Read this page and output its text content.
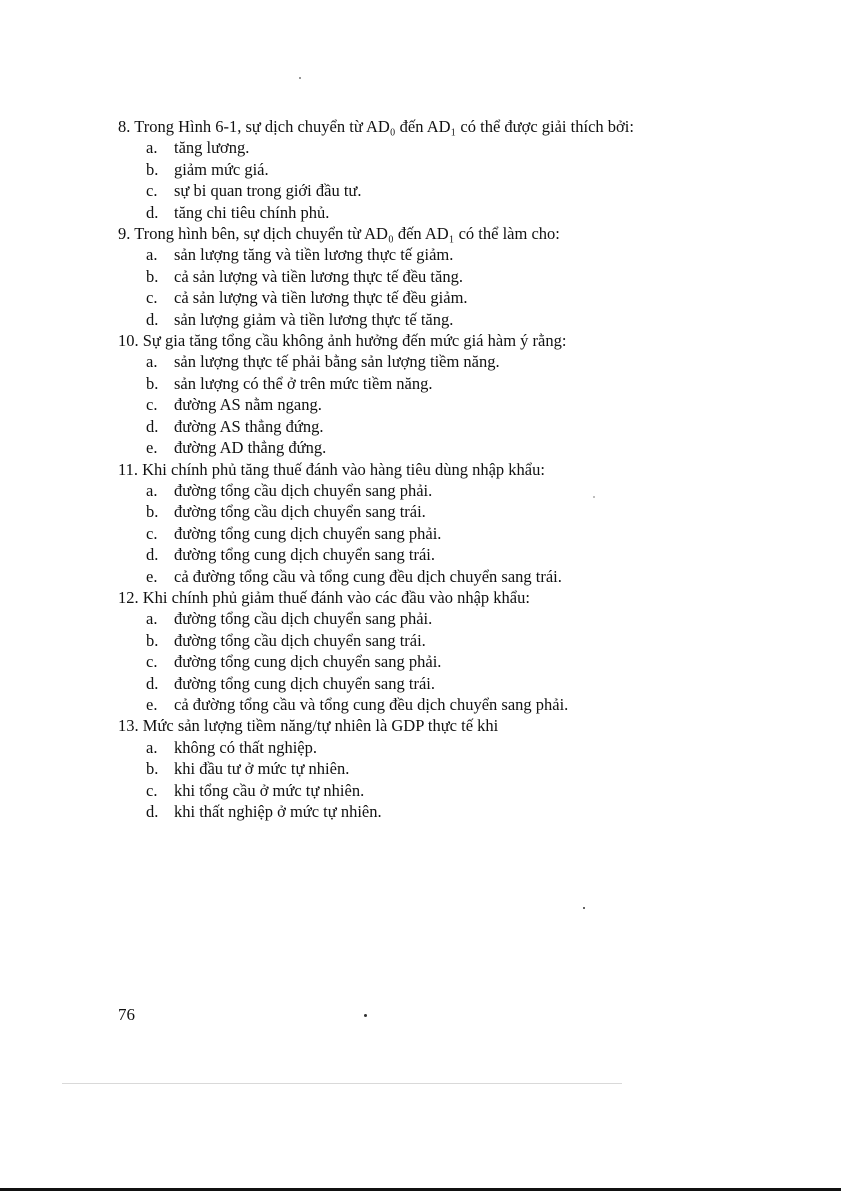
8. Trong Hình 6-1, sự dịch chuyển từ AD₀ đến AD₁ có thể được giải thích bởi:
a.	tăng lương.
b. giảm mức giá.
c.	sự bi quan trong giới đầu tư.
d. tăng chi tiêu chính phủ.
9. Trong hình bên, sự dịch chuyển từ AD₀ đến AD₁ có thể làm cho:
a.	sản lượng tăng và tiền lương thực tế giảm.
b. cả sản lượng và tiền lương thực tế đều tăng.
c.	cả sản lượng và tiền lương thực tế đều giảm.
d. sản lượng giảm và tiền lương thực tế tăng.
10. Sự gia tăng tổng cầu không ảnh hưởng đến mức giá hàm ý rằng:
a.	sản lượng thực tế phải bằng sản lượng tiềm năng.
b. sản lượng có thể ở trên mức tiềm năng.
c.	đường AS nằm ngang.
d. đường AS thẳng đứng.
e.	đường AD thẳng đứng.
11. Khi chính phủ tăng thuế đánh vào hàng tiêu dùng nhập khẩu:
a.	đường tổng cầu dịch chuyển sang phải.
b. đường tổng cầu dịch chuyển sang trái.
c.	đường tổng cung dịch chuyển sang phải.
d. đường tổng cung dịch chuyển sang trái.
e.	cả đường tổng cầu và tổng cung đều dịch chuyển sang trái.
12. Khi chính phủ giảm thuế đánh vào các đầu vào nhập khẩu:
a.	đường tổng cầu dịch chuyển sang phải.
b. đường tổng cầu dịch chuyển sang trái.
c.	đường tổng cung dịch chuyển sang phải.
d. đường tổng cung dịch chuyển sang trái.
e.	cả đường tổng cầu và tổng cung đều dịch chuyển sang phải.
13. Mức sản lượng tiềm năng/tự nhiên là GDP thực tế khi
a.	không có thất nghiệp.
b. khi đầu tư ở mức tự nhiên.
c.	khi tổng cầu ở mức tự nhiên.
d. khi thất nghiệp ở mức tự nhiên.
76
